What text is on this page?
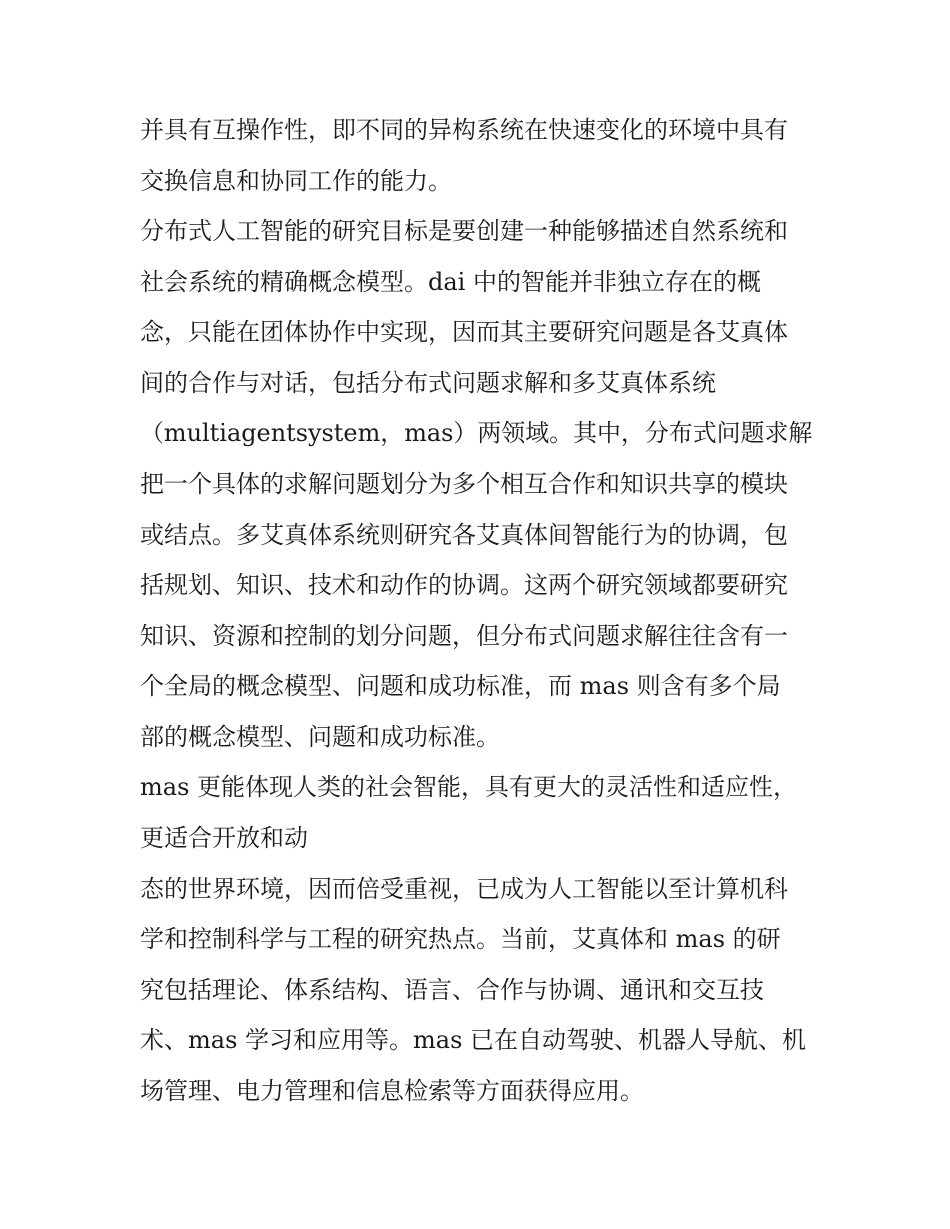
并具有互操作性，即不同的异构系统在快速变化的环境中具有

交换信息和协同工作的能力。

分布式人工智能的研究目标是要创建一种能够描述自然系统和

社会系统的精确概念模型。dai 中的智能并非独立存在的概

念，只能在团体协作中实现，因而其主要研究问题是各艾真体

间的合作与对话，包括分布式问题求解和多艾真体系统

（multiagentsystem，mas）两领域。其中，分布式问题求解

把一个具体的求解问题划分为多个相互合作和知识共享的模块

或结点。多艾真体系统则研究各艾真体间智能行为的协调，包

括规划、知识、技术和动作的协调。这两个研究领域都要研究

知识、资源和控制的划分问题，但分布式问题求解往往含有一

个全局的概念模型、问题和成功标准，而 mas 则含有多个局

部的概念模型、问题和成功标准。

mas 更能体现人类的社会智能，具有更大的灵活性和适应性，

更适合开放和动

态的世界环境，因而倍受重视，已成为人工智能以至计算机科

学和控制科学与工程的研究热点。当前，艾真体和 mas 的研

究包括理论、体系结构、语言、合作与协调、通讯和交互技

术、mas 学习和应用等。mas 已在自动驾驶、机器人导航、机

场管理、电力管理和信息检索等方面获得应用。
